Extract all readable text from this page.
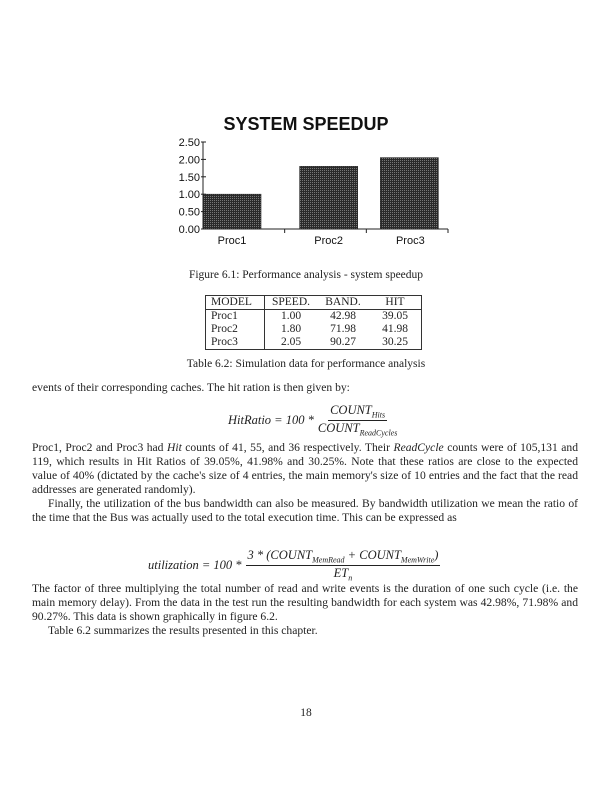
SYSTEM SPEEDUP
Proc1	Proc2	Proc3
0.00
0.50
1.00
1.50
2.00
2.50
Figure 6.1: Performance analysis - system speedup
MODEL	SPEED.	BAND.	HIT
Proc1	1.00	42.98	39.05
Proc2	1.80	71.98	41.98
Proc3	2.05	90.27	30.25
Table 6.2: Simulation data for performance analysis
events of their corresponding caches. The hit ration is then given by:
HitRatio = $100 * \frac{COUNT_{Hits}}{COUNT_{ReadCycles}}$
Proc1, Proc2 and Proc3 had Hit counts of 41, 55, and 36 respectively. Their ReadCycle counts were of 105,131 and 119, which results in Hit Ratios of 39.05%, 41.98% and 30.25%. Note that these ratios are close to the expected value of 40% (dictated by the cache's size of 4 entries, the main memory's size of 10 entries and the fact that the read addresses are generated randomly).
Finally, the utilization of the bus bandwidth can also be measured. By bandwidth utilization we mean the ratio of the time that the Bus was actually used to the total execution time. This can be expressed as
utilization = $100 * \frac{3 * (COUNT_{MemRead} + COUNT_{MemWrite})}{ET_n}$
The factor of three multiplying the total number of read and write events is the duration of one such cycle (i.e. the main memory delay). From the data in the test run the resulting bandwidth for each system was 42.98%, 71.98% and 90.27%. This data is shown graphically in figure 6.2.
Table 6.2 summarizes the results presented in this chapter.
18
